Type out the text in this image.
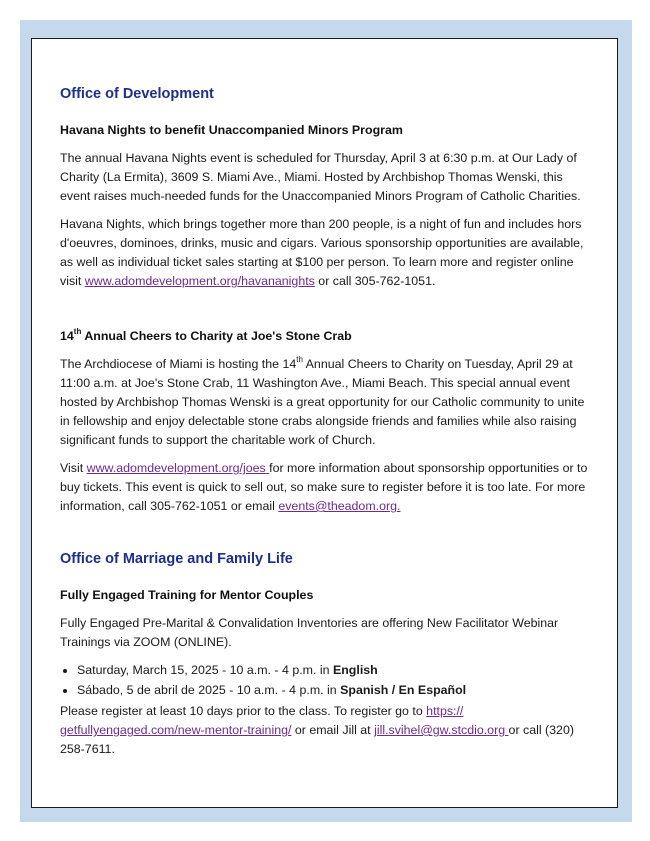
Office of Development
Havana Nights to benefit Unaccompanied Minors Program

The annual Havana Nights event is scheduled for Thursday, April 3 at 6:30 p.m. at Our Lady of Charity (La Ermita), 3609 S. Miami Ave., Miami. Hosted by Archbishop Thomas Wenski, this event raises much-needed funds for the Unaccompanied Minors Program of Catholic Charities.

Havana Nights, which brings together more than 200 people, is a night of fun and includes hors d'oeuvres, dominoes, drinks, music and cigars. Various sponsorship opportunities are available, as well as individual ticket sales starting at $100 per person. To learn more and register online visit www.adomdevelopment.org/havananights or call 305-762-1051.

14th Annual Cheers to Charity at Joe's Stone Crab

The Archdiocese of Miami is hosting the 14th Annual Cheers to Charity on Tuesday, April 29 at 11:00 a.m. at Joe's Stone Crab, 11 Washington Ave., Miami Beach. This special annual event hosted by Archbishop Thomas Wenski is a great opportunity for our Catholic community to unite in fellowship and enjoy delectable stone crabs alongside friends and families while also raising significant funds to support the charitable work of Church.

Visit www.adomdevelopment.org/joes for more information about sponsorship opportunities or to buy tickets. This event is quick to sell out, so make sure to register before it is too late. For more information, call 305-762-1051 or email events@theadom.org.

Office of Marriage and Family Life
Fully Engaged Training for Mentor Couples

Fully Engaged Pre-Marital & Convalidation Inventories are offering New Facilitator Webinar Trainings via ZOOM (ONLINE).

• Saturday, March 15, 2025 - 10 a.m. - 4 p.m. in English
• Sábado, 5 de abril de 2025 - 10 a.m. - 4 p.m. in Spanish / En Español

Please register at least 10 days prior to the class. To register go to https:// getfullyengaged.com/new-mentor-training/ or email Jill at jill.svihel@gw.stcdio.org or call (320) 258-7611.
